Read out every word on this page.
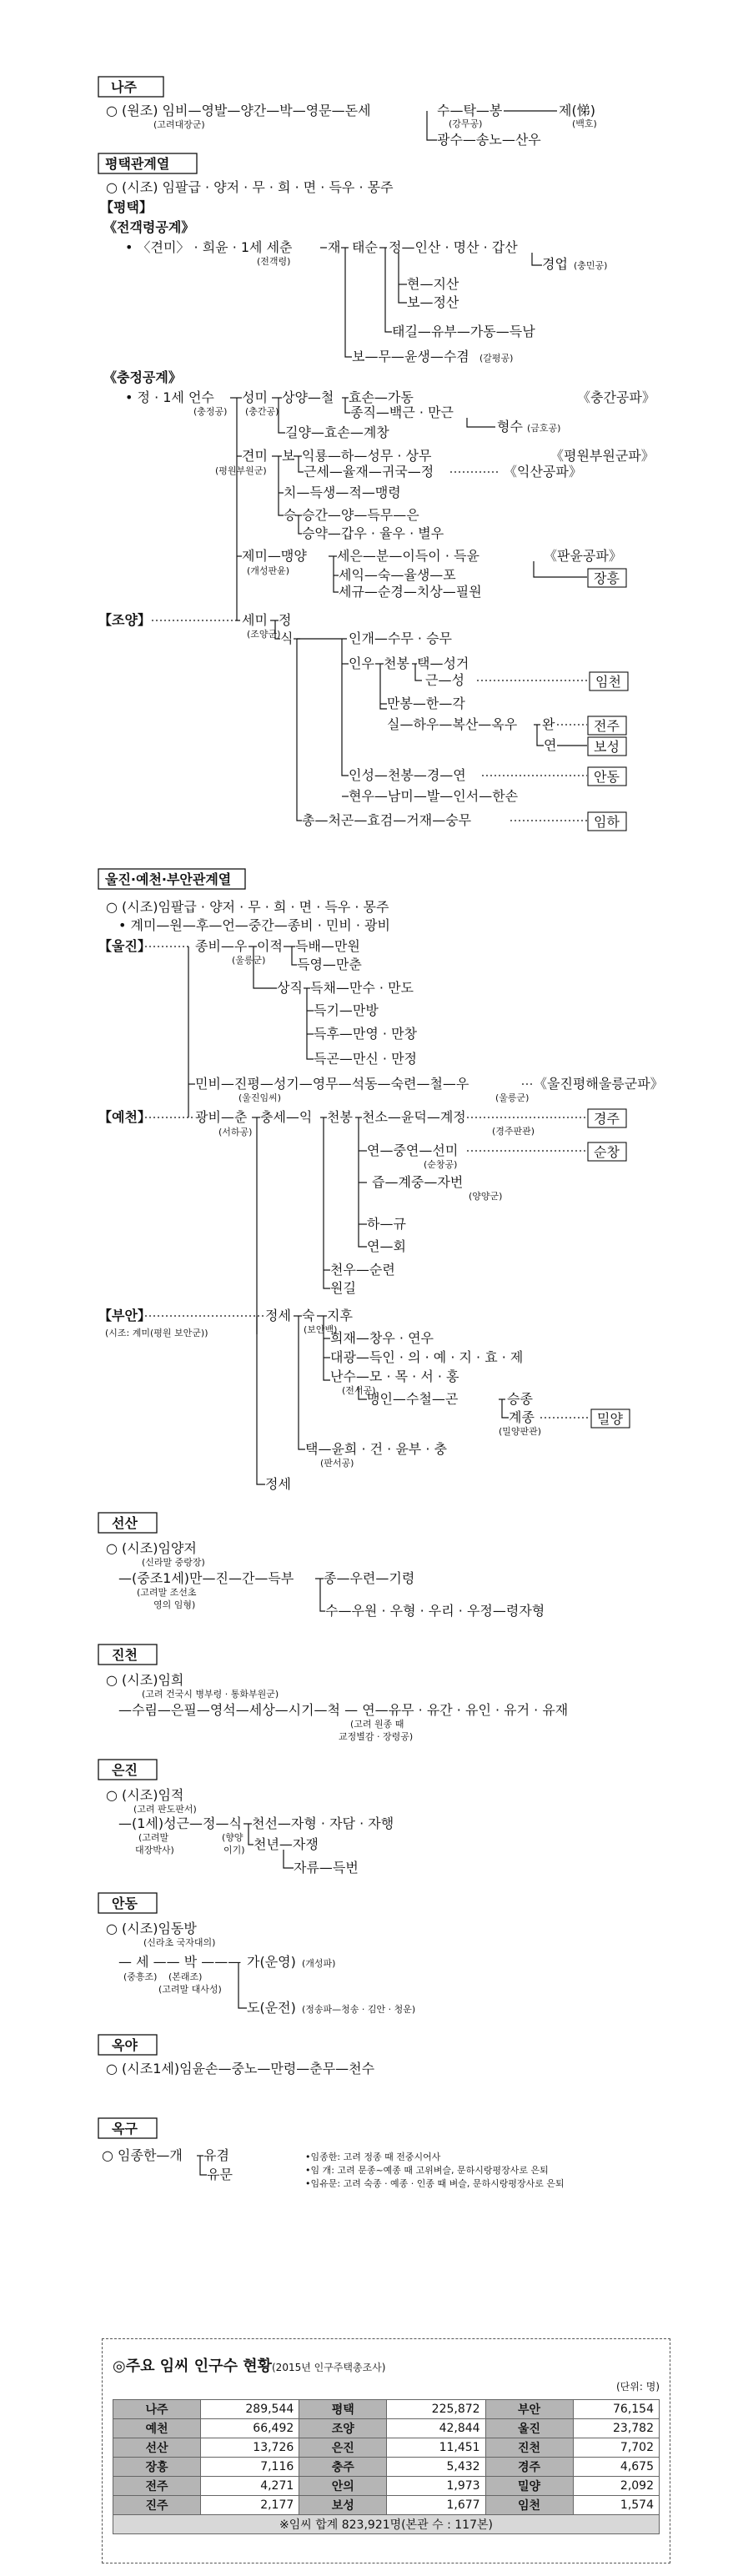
나주
○ (원조) 임비—영발—양간—박—영문—돈세
(고려대장군)
수—탁—봉
(강무공)
제(悌)
(백호)
광수—송노—산우
평택관계열
○ (시조) 임팔급 · 양저 · 무 · 희 · 면 · 득우 · 몽주
【평택】
《전객령공계》
• 〈견미〉 · 희윤 · 1세 세춘
(전객령)
재 태순 정—인산 · 명산 · 갑산
경업 (충민공)
현—지산
보—정산
태길—유부—가동—득남
보—무—윤생—수겸 (갈평공)
《충정공계》
• 정 · 1세 언수
(충정공)
성미
(충간공)
상양—철 효손—가동	《충간공파》
종직—백근 · 만근
형수 (금호공)
길양—효손—계창
견미
(평원부원군)
보 익룡—하—성무 · 상무	《평원부원군파》
근세—율재—귀국—정	《익산공파》
치—득생—적—맹령
승 승간—양—득무—은
승약—갑우 · 율우 · 별우
제미—맹양
(개성판윤)
세은—분—이득이 · 득윤	《판윤공파》
장흥
세익—숙—율생—포
세규—순경—치상—필원
【조양】	세미
(조양군)
정
식	인개—수무 · 승무
인우 천봉 택—성거
근—성	임천
만봉—한—각
실—하우—복산—옥우 완	전주
연	보성
인성—천봉—경—연	안동
현우—남미—발—인서—한손
총—처곤—효검—거재—숭무	임하
울진·예천·부안관계열
○ (시조)임팔급 · 양저 · 무 · 희 · 면 · 득우 · 몽주
• 계미—원—후—언—중간—종비 · 민비 · 광비
【울진】	종비—우
(울릉군)
이적 득배—만원
득영—만춘
상직 득채—만수 · 만도
득기—만방
득후—만영 · 만창
득곤—만신 · 만정
민비—진평—성기—영무—석동—숙련—철—우
(울진임씨)	(울릉군)
《울진평해울릉군파》
【예천】	광비—춘
(서하공)
충세—익 천봉 천소—윤덕—계정
(경주판관)
경주
연—중연—선미
(순창공)
순창
즙—계중—자번
(양양군)
하—규
연—회
천우—순련
원길
【부안】
(시조: 계미(평원 보안군))
정세 숙
(보안백)
지후
희재—창우 · 연우
대광—득인 · 의 · 예 · 지 · 효 · 제
난수—모 · 목 · 서 · 홍
(전서공)
맹인—수철—곤	승종
계종
(밀양판관)
밀양
택—윤희 · 건 · 윤부 · 충
(판서공)
정세
선산
○ (시조)임양저
(신라말 중랑장)
—(중조1세)만—진—간—득부
(고려말 조선초
영의 임형)
종—우련—기령
수—우원 · 우형 · 우리 · 우정—령자형
진천
○ (시조)임희
(고려 건국시 병부령 · 통화부원군)
—수림—은필—영석—세상—시기—척 — 연—유무 · 유간 · 유인 · 유거 · 유재
(고려 원종 때
교정별감 · 장령공)
은진
○ (시조)임적
(고려 판도판서)
—(1세)성근—정—식
(고려말
대장박사)
(향양
이기)
천선—자형 · 자담 · 자행
천년—자쟁
자류—득번
안동
○ (시조)임동방
(신라초 국자대의)
— 세 —— 박 ———
(중흥조) (본래조)
(고려말 대사성)
가(운영) (개성파)
도(운전) (정송파—청송 · 김안 · 청운)
옥야
○ (시조1세)임윤손—중노—만령—춘무—천수
옥구
○ 임종한—개 유겸
유문
•임종한: 고려 정종 때 전중시어사
•임 개: 고려 문종~예종 때 고위벼슬, 문하시랑평장사로 은퇴
•임유문: 고려 숙종 · 예종 · 인종 때 벼슬, 문하시랑평장사로 은퇴
◎주요 임씨 인구수 현황(2015년 인구주택총조사)
(단위: 명)
나주	289,544	평택	225,872	부안	76,154
예천	66,492	조양	42,844	울진	23,782
선산	13,726	은진	11,451	진천	7,702
장흥	7,116	충주	5,432	경주	4,675
전주	4,271	안의	1,973	밀양	2,092
진주	2,177	보성	1,677	임천	1,574
※임씨 합계 823,921명(본관 수 : 117본)					
